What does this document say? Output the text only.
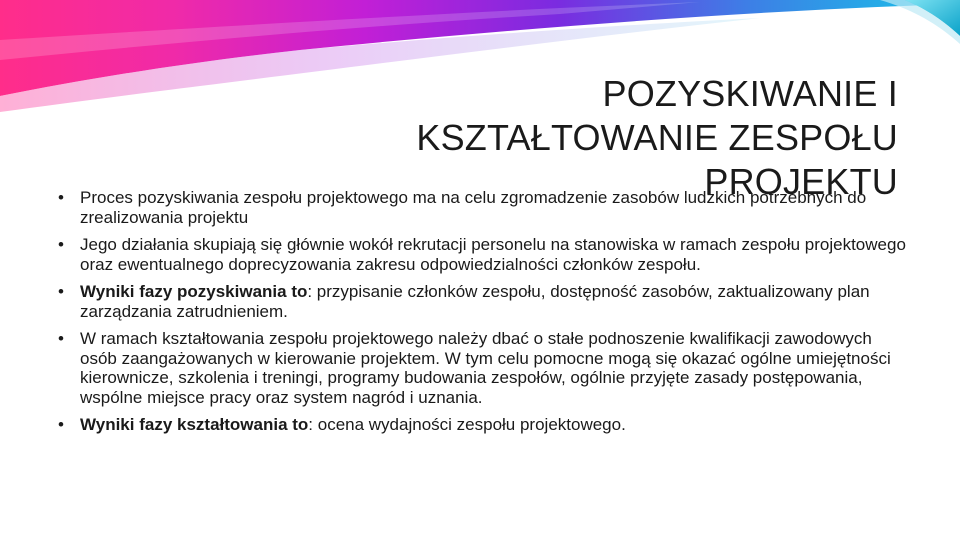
POZYSKIWANIE I
KSZTAŁTOWANIE ZESPOŁU
PROJEKTU
• Proces pozyskiwania zespołu projektowego ma na celu zgromadzenie zasobów ludzkich potrzebnych do zrealizowania projektu
• Jego działania skupiają się głównie wokół rekrutacji personelu na stanowiska w ramach zespołu projektowego oraz ewentualnego doprecyzowania zakresu odpowiedzialności członków zespołu.
• Wyniki fazy pozyskiwania to: przypisanie członków zespołu, dostępność zasobów, zaktualizowany plan zarządzania zatrudnieniem.
• W ramach kształtowania zespołu projektowego należy dbać o stałe podnoszenie kwalifikacji zawodowych osób zaangażowanych w kierowanie projektem. W tym celu pomocne mogą się okazać ogólne umiejętności kierownicze, szkolenia i treningi, programy budowania zespołów, ogólnie przyjęte zasady postępowania, wspólne miejsce pracy oraz system nagród i uznania.
• Wyniki fazy kształtowania to: ocena wydajności zespołu projektowego.
